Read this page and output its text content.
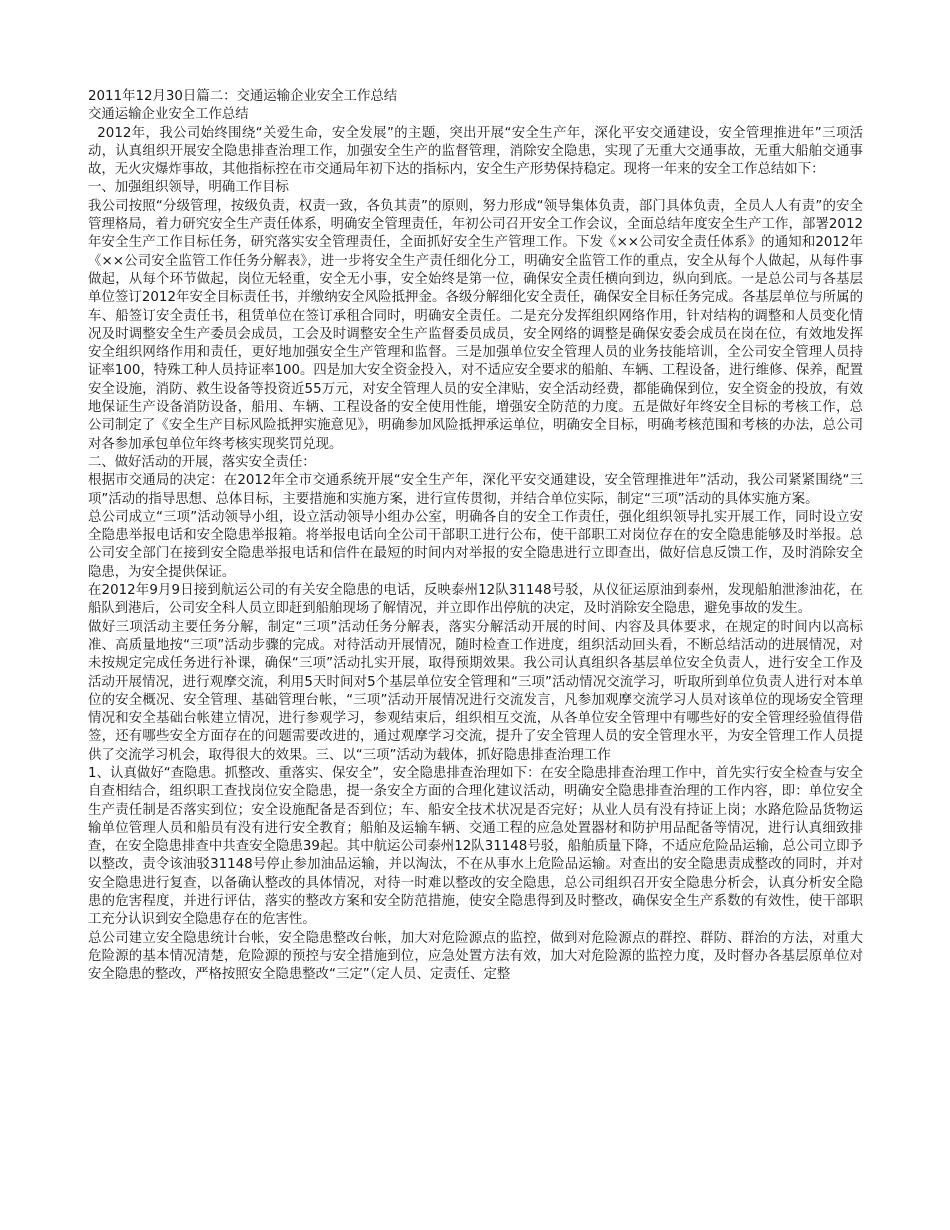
2011年12月30日篇二：交通运输企业安全工作总结

交通运输企业安全工作总结

2012年，我公司始终围绕“关爱生命，安全发展”的主题，突出开展“安全生产年，深化平安交通建设，安全管理推进年”三项活动，认真组织开展安全隐患排查治理工作，加强安全生产的监督管理，消除安全隐患，实现了无重大交通事故，无重大船舶交通事故，无火灾爆炸事故，其他指标控在市交通局年初下达的指标内，安全生产形势保持稳定。现将一年来的安全工作总结如下：

一、加强组织领导，明确工作目标

我公司按照“分级管理，按级负责，权责一致，各负其责”的原则，努力形成“领导集体负责，部门具体负责，全员人人有责”的安全管理格局，着力研究安全生产责任体系，明确安全管理责任，年初公司召开安全工作会议，全面总结年度安全生产工作，部署2012年安全生产工作目标任务，研究落实安全管理责任，全面抓好安全生产管理工作。下发《××公司安全责任体系》的通知和2012年《××公司安全监管工作任务分解表》，进一步将安全生产责任细化分工，明确安全监管工作的重点，安全从每个人做起，从每件事做起，从每个环节做起，岗位无轻重，安全无小事，安全始终是第一位，确保安全责任横向到边，纵向到底。一是总公司与各基层单位签订2012年安全目标责任书，并缴纳安全风险抵押金。各级分解细化安全责任，确保安全目标任务完成。各基层单位与所属的车、船签订安全责任书，租赁单位在签订承租合同时，明确安全责任。二是充分发挥组织网络作用，针对结构的调整和人员变化情况及时调整安全生产委员会成员，工会及时调整安全生产监督委员成员，安全网络的调整是确保安委会成员在岗在位，有效地发挥安全组织网络作用和责任，更好地加强安全生产管理和监督。三是加强单位安全管理人员的业务技能培训，全公司安全管理人员持证率100，特殊工种人员持证率100。四是加大安全资金投入，对不适应安全要求的船舶、车辆、工程设备，进行维修、保养，配置安全设施，消防、救生设备等投资近55万元，对安全管理人员的安全津贴，安全活动经费，都能确保到位，安全资金的投放，有效地保证生产设备消防设备，船用、车辆、工程设备的安全使用性能，增强安全防范的力度。五是做好年终安全目标的考核工作，总公司制定了《安全生产目标风险抵押实施意见》，明确参加风险抵押承运单位，明确安全目标，明确考核范围和考核的办法，总公司对各参加承包单位年终考核实现奖罚兑现。

二、做好活动的开展，落实安全责任：

根据市交通局的决定：在2012年全市交通系统开展“安全生产年，深化平安交通建设，安全管理推进年”活动，我公司紧紧围绕“三项”活动的指导思想、总体目标，主要措施和实施方案，进行宣传贯彻，并结合单位实际，制定“三项”活动的具体实施方案。

总公司成立“三项”活动领导小组，设立活动领导小组办公室，明确各自的安全工作责任，强化组织领导扎实开展工作，同时设立安全隐患举报电话和安全隐患举报箱。将举报电话向全公司干部职工进行公布，使干部职工对岗位存在的安全隐患能够及时举报。总公司安全部门在接到安全隐患举报电话和信件在最短的时间内对举报的安全隐患进行立即查出，做好信息反馈工作，及时消除安全隐患，为安全提供保证。

在2012年9月9日接到航运公司的有关安全隐患的电话，反映泰州12队31148号驳，从仪征运原油到泰州，发现船舶泄渗油花，在船队到港后，公司安全科人员立即赶到船舶现场了解情况，并立即作出停航的决定，及时消除安全隐患，避免事故的发生。

做好三项活动主要任务分解，制定“三项”活动任务分解表，落实分解活动开展的时间、内容及具体要求，在规定的时间内以高标准、高质量地按“三项”活动步骤的完成。对待活动开展情况，随时检查工作进度，组织活动回头看，不断总结活动的进展情况，对未按规定完成任务进行补课，确保“三项”活动扎实开展，取得预期效果。我公司认真组织各基层单位安全负责人，进行安全工作及活动开展情况，进行观摩交流，利用5天时间对5个基层单位安全管理和“三项”活动情况交流学习，听取所到单位负责人进行对本单位的安全概况、安全管理、基础管理台帐，“三项”活动开展情况进行交流发言，凡参加观摩交流学习人员对该单位的现场安全管理情况和安全基础台帐建立情况，进行参观学习，参观结束后，组织相互交流，从各单位安全管理中有哪些好的安全管理经验值得借签，还有哪些安全方面存在的问题需要改进的，通过观摩学习交流，提升了安全管理人员的安全管理水平，为安全管理工作人员提供了交流学习机会，取得很大的效果。三、以“三项”活动为载体，抓好隐患排查治理工作

1、认真做好“查隐患。抓整改、重落实、保安全”，安全隐患排查治理如下：在安全隐患排查治理工作中，首先实行安全检查与安全自查相结合，组织职工查找岗位安全隐患，提一条安全方面的合理化建议活动，明确安全隐患排查治理的工作内容，即：单位安全生产责任制是否落实到位；安全设施配备是否到位；车、船安全技术状况是否完好；从业人员有没有持证上岗；水路危险品货物运输单位管理人员和船员有没有进行安全教育；船舶及运输车辆、交通工程的应急处置器材和防护用品配备等情况，进行认真细致排查，在安全隐患排查中共查安全隐患39起。其中航运公司泰州12队31148号驳，船舶质量下降，不适应危险品运输，总公司立即予以整改，责令该油驳31148号停止参加油品运输，并以淘汰，不在从事水上危险品运输。对查出的安全隐患责成整改的同时，并对安全隐患进行复查，以备确认整改的具体情况，对待一时难以整改的安全隐患，总公司组织召开安全隐患分析会，认真分析安全隐患的危害程度，并进行评估，落实的整改方案和安全防范措施，使安全隐患得到及时整改，确保安全生产系数的有效性，使干部职工充分认识到安全隐患存在的危害性。

总公司建立安全隐患统计台帐，安全隐患整改台帐，加大对危险源点的监控，做到对危险源点的群控、群防、群治的方法，对重大危险源的基本情况清楚，危险源的预控与安全措施到位，应急处置方法有效，加大对危险源的监控力度，及时督办各基层原单位对安全隐患的整改，严格按照安全隐患整改“三定”（定人员、定责任、定整
